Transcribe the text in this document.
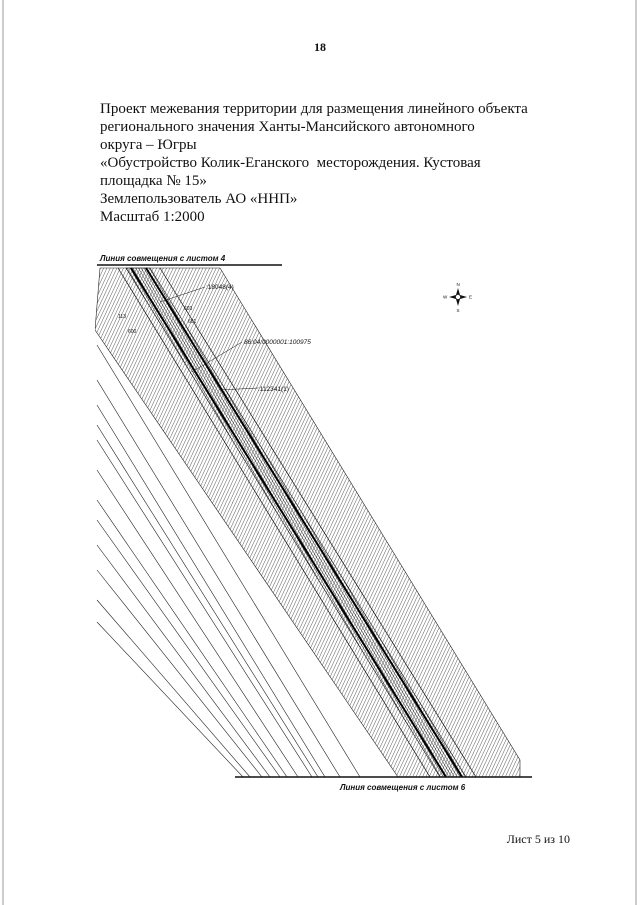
18
Проект межевания территории для размещения линейного объекта
регионального значения Ханты-Мансийского автономного
округа – Югры
«Обустройство Колик-Еганского  месторождения. Кустовая
площадка № 15»
Землепользователь АО «ННП»
Масштаб 1:2000
Линия совмещения с листом 4
:18048(4)
86:04:0000001:100975
:112341(1)
113
603
601
600
N
S
W	E
Линия совмещения с листом 6
Лист 5 из 10
